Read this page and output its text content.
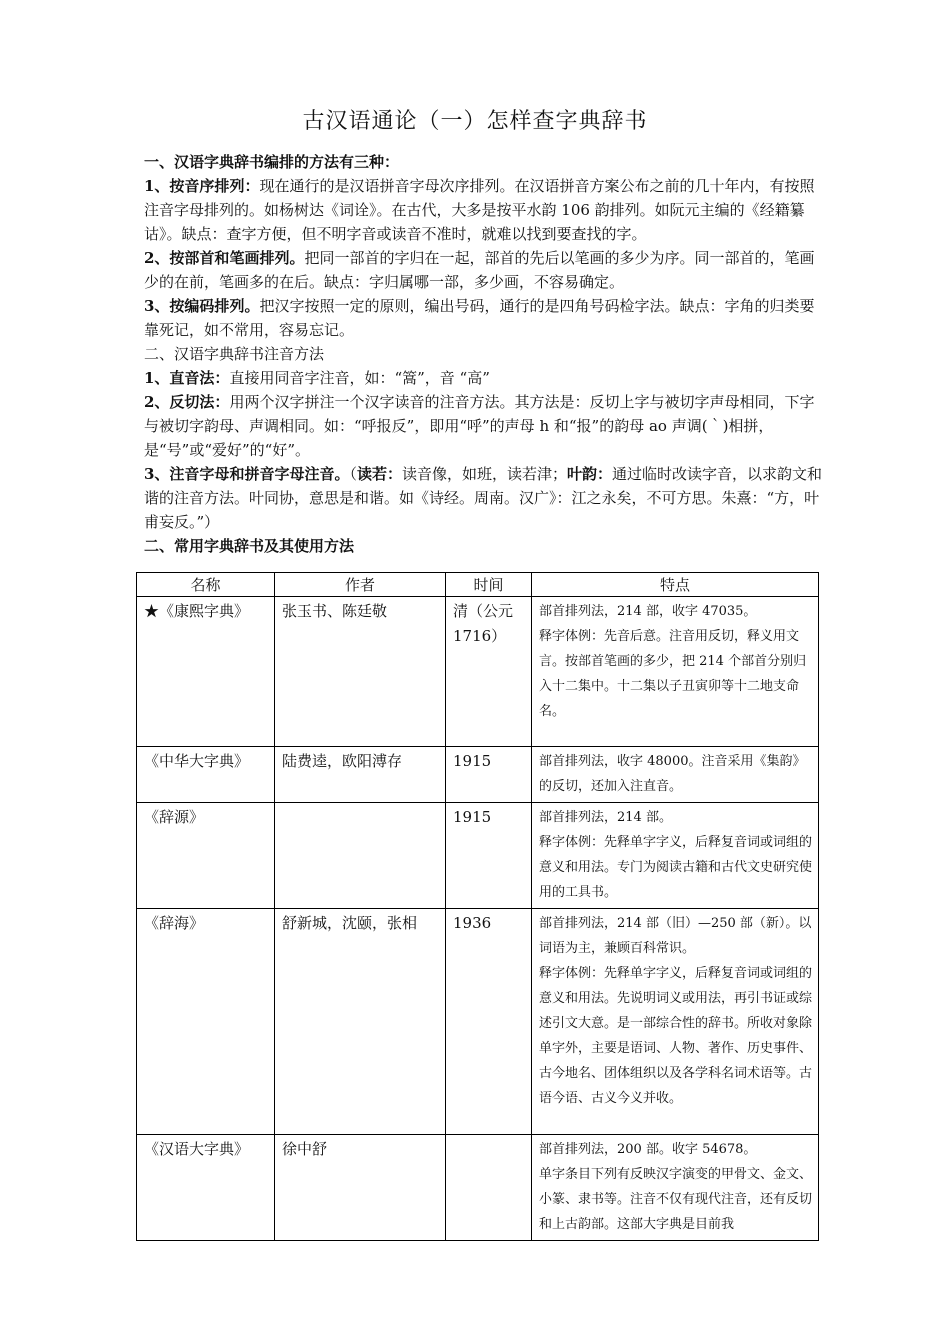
古汉语通论（一）怎样查字典辞书
一、汉语字典辞书编排的方法有三种：
1、按音序排列：现在通行的是汉语拼音字母次序排列。在汉语拼音方案公布之前的几十年内，有按照注音字母排列的。如杨树达《词诠》。在古代，大多是按平水韵 106 韵排列。如阮元主编的《经籍纂诂》。缺点：查字方便，但不明字音或读音不准时，就难以找到要查找的字。
2、按部首和笔画排列。把同一部首的字归在一起，部首的先后以笔画的多少为序。同一部首的，笔画少的在前，笔画多的在后。缺点：字归属哪一部，多少画，不容易确定。
3、按编码排列。把汉字按照一定的原则，编出号码，通行的是四角号码检字法。缺点：字角的归类要靠死记，如不常用，容易忘记。
二、汉语字典辞书注音方法
1、直音法：直接用同音字注音，如：“篙”，音 “高”
2、反切法：用两个汉字拼注一个汉字读音的注音方法。其方法是：反切上字与被切字声母相同，下字与被切字韵母、声调相同。如：“呼报反”，即用“呼”的声母 h 和“报”的韵母 ao 声调(｀)相拼，是“号”或“爱好”的“好”。
3、注音字母和拼音字母注音。（读若：读音像，如班，读若津；叶韵：通过临时改读字音，以求韵文和谐的注音方法。叶同协，意思是和谐。如《诗经。周南。汉广》：江之永矣，不可方思。朱熹：“方，叶甫妄反。”）
二、常用字典辞书及其使用方法
名称	作者	时间	特点
★《康熙字典》	张玉书、陈廷敬	清（公元1716）	部首排列法，214 部，收字 47035。
释字体例：先音后意。注音用反切，释义用文言。按部首笔画的多少，把 214 个部首分别归入十二集中。十二集以子丑寅卯等十二地支命名。

《中华大字典》	陆费逵，欧阳溥存	1915	部首排列法，收字 48000。注音采用《集韵》的反切，还加入注直音。

《辞源》		1915	部首排列法，214 部。
释字体例：先释单字字义，后释复音词或词组的意义和用法。专门为阅读古籍和古代文史研究使用的工具书。

《辞海》	舒新城，沈颐，张相	1936	部首排列法，214 部（旧）—250 部（新）。以词语为主，兼顾百科常识。
释字体例：先释单字字义，后释复音词或词组的意义和用法。先说明词义或用法，再引书证或综述引文大意。是一部综合性的辞书。所收对象除单字外，主要是语词、人物、著作、历史事件、古今地名、团体组织以及各学科名词术语等。古语今语、古义今义并收。

《汉语大字典》	徐中舒		部首排列法，200 部。收字 54678。
单字条目下列有反映汉字演变的甲骨文、金文、小篆、隶书等。注音不仅有现代注音，还有反切和上古韵部。这部大字典是目前我
